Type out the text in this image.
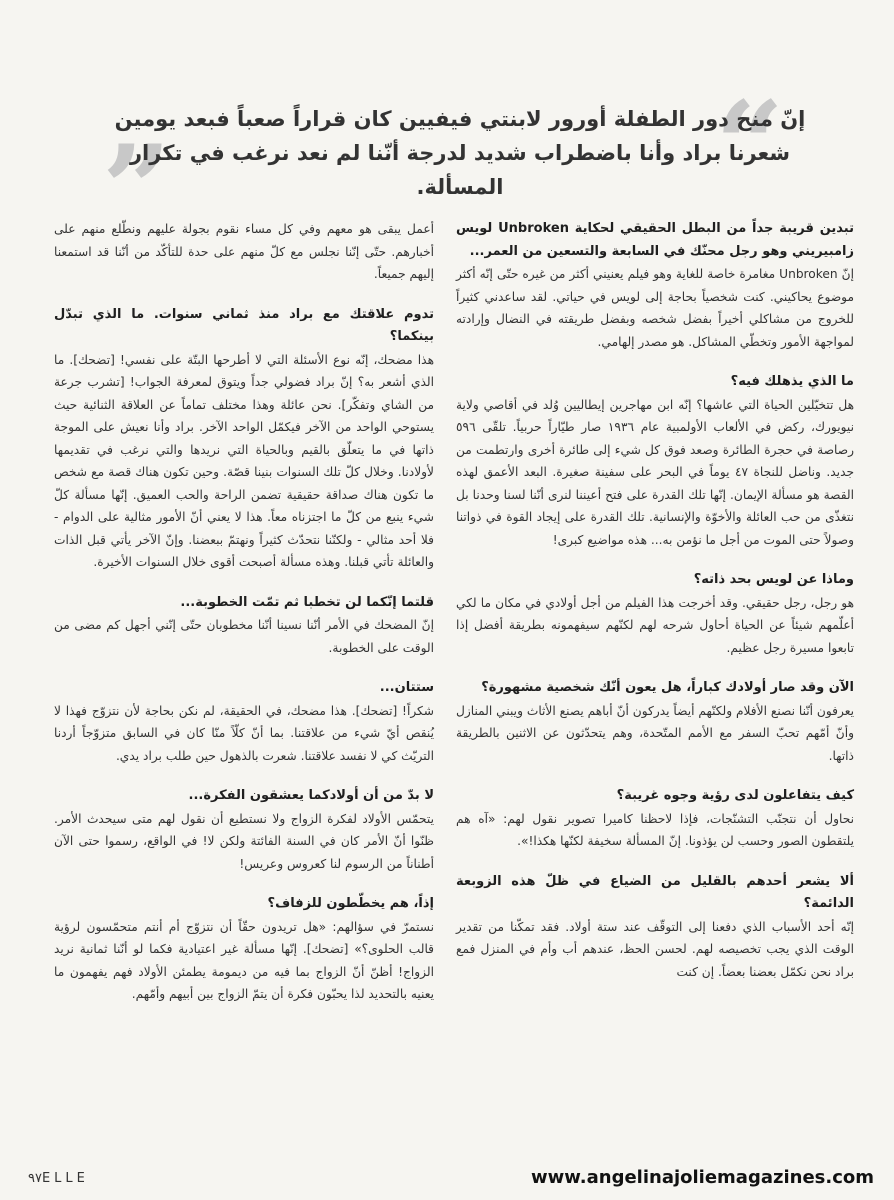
“
”

إنّ منح دور الطفلة أورور لابنتي فيفيين كان قراراً صعباً فبعد يومين شعرنا براد وأنا باضطراب شديد لدرجة أنّنا لم نعد نرغب في تكرار المسألة.

تبدين قريبة جداً من البطل الحقيقي لحكاية Unbroken لويس زامبيريني وهو رجل محنّك في السابعة والتسعين من العمر...

إنّ Unbroken مغامرة خاصة للغاية وهو فيلم يعنيني أكثر من غيره حتّى إنّه أكثر موضوع يحاكيني. كنت شخصياً بحاجة إلى لويس في حياتي. لقد ساعدني كثيراً للخروج من مشاكلي أخيراً بفضل شخصه وبفضل طريقته في النضال وإرادته لمواجهة الأمور وتخطّي المشاكل. هو مصدر إلهامي.

ما الذي يذهلك فيه؟

هل تتخيّلين الحياة التي عاشها؟ إنّه ابن مهاجرين إيطاليين وُلد في أقاصي ولاية نيويورك، ركض في الألعاب الأولمبية عام ١٩٣٦ صار طيّاراً حربياً. تلقّى ٥٩٦ رصاصة في حجرة الطائرة وصعد فوق كل شيء إلى طائرة أخرى وارتطمت من جديد. وناضل للنجاة ٤٧ يوماً في البحر على سفينة صغيرة. البعد الأعمق لهذه القصة هو مسألة الإيمان. إنّها تلك القدرة على فتح أعيننا لنرى أنّنا لسنا وحدنا بل نتغذّى من حب العائلة والأخوّة والإنسانية. تلك القدرة على إيجاد القوة في ذواتنا وصولاً حتى الموت من أجل ما نؤمن به... هذه مواضيع كبرى!

وماذا عن لويس بحد ذاته؟

هو رجل، رجل حقيقي. وقد أخرجت هذا الفيلم من أجل أولادي في مكان ما لكي أعلّمهم شيئاً عن الحياة أحاول شرحه لهم لكنّهم سيفهمونه بطريقة أفضل إذا تابعوا مسيرة رجل عظيم.

الآن وقد صار أولادك كباراً، هل يعون أنّك شخصية مشهورة؟

يعرفون أنّنا نصنع الأفلام ولكنّهم أيضاً يدركون أنّ أباهم يصنع الأثاث ويبني المنازل وأنّ أمّهم تحبّ السفر مع الأمم المتّحدة، وهم يتحدّثون عن الاثنين بالطريقة ذاتها.

كيف يتفاعلون لدى رؤية وجوه غريبة؟

نحاول أن نتجنّب التشنّجات، فإذا لاحظنا كاميرا تصوير نقول لهم: «آه هم يلتقطون الصور وحسب لن يؤذونا. إنّ المسألة سخيفة لكنّها هكذا!».

ألا يشعر أحدهم بالقليل من الضياع في ظلّ هذه الزوبعة الدائمة؟

إنّه أحد الأسباب الذي دفعنا إلى التوقّف عند ستة أولاد. فقد تمكّنا من تقدير الوقت الذي يجب تخصيصه لهم. لحسن الحظ، عندهم أب وأم في المنزل فمع براد نحن نكمّل بعضنا بعضاً. إن كنت

أعمل يبقى هو معهم وفي كل مساء نقوم بجولة عليهم ونطّلع منهم على أخبارهم. حتّى إنّنا نجلس مع كلّ منهم على حدة للتأكّد من أنّنا قد استمعنا إليهم جميعاً.

تدوم علاقتك مع براد منذ ثماني سنوات. ما الذي تبدّل بينكما؟

هذا مضحك، إنّه نوع الأسئلة التي لا أطرحها البتّة على نفسي! [تضحك]. ما الذي أشعر به؟ إنّ براد فضولي جداً ويتوق لمعرفة الجواب! [تشرب جرعة من الشاي وتفكّر]. نحن عائلة وهذا مختلف تماماً عن العلاقة الثنائية حيث يستوحي الواحد من الآخر فيكمّل الواحد الآخر. براد وأنا نعيش على الموجة ذاتها في ما يتعلّق بالقيم وبالحياة التي نريدها والتي نرغب في تقديمها لأولادنا. وخلال كلّ تلك السنوات بنينا قصّة. وحين تكون هناك قصة مع شخص ما تكون هناك صداقة حقيقية تضمن الراحة والحب العميق. إنّها مسألة كلّ شيء ينبع من كلّ ما اجتزناه معاً. هذا لا يعني أنّ الأمور مثالية على الدوام - فلا أحد مثالي - ولكنّنا نتحدّث كثيراً ونهتمّ ببعضنا. وإنّ الآخر يأتي قبل الذات والعائلة تأتي قبلنا. وهذه مسألة أصبحت أقوى خلال السنوات الأخيرة.

قلتما إنّكما لن تخطبا ثم تمّت الخطوبة...

إنّ المضحك في الأمر أنّنا نسينا أنّنا مخطوبان حتّى إنّني أجهل كم مضى من الوقت على الخطوبة.

ستتان...

شكراً! [تضحك]. هذا مضحك، في الحقيقة، لم نكن بحاجة لأن نتزوّج فهذا لا يُنقص أيّ شيء من علاقتنا. بما أنّ كلّاً منّا كان في السابق متزوّجاً أردنا التريّث كي لا نفسد علاقتنا. شعرت بالذهول حين طلب براد يدي.

لا بدّ من أن أولادكما يعشقون الفكرة...

يتحمّس الأولاد لفكرة الزواج ولا نستطيع أن نقول لهم متى سيحدث الأمر. ظنّوا أنّ الأمر كان في السنة الفائتة ولكن لا! في الواقع، رسموا حتى الآن أطناناً من الرسوم لنا كعروس وعريس!

إذاً، هم يخطّطون للزفاف؟

نستمرّ في سؤالهم: «هل تريدون حقّاً أن نتزوّج أم أنتم متحمّسون لرؤية قالب الحلوى؟» [تضحك]. إنّها مسألة غير اعتيادية فكما لو أنّنا ثمانية نريد الزواج! أظنّ أنّ الزواج بما فيه من ديمومة يطمئن الأولاد فهم يفهمون ما يعنيه بالتحديد لذا يحبّون فكرة أن يتمّ الزواج بين أبيهم وأمّهم.

٩٧ELLE	www.angelinajoliemagazines.com
